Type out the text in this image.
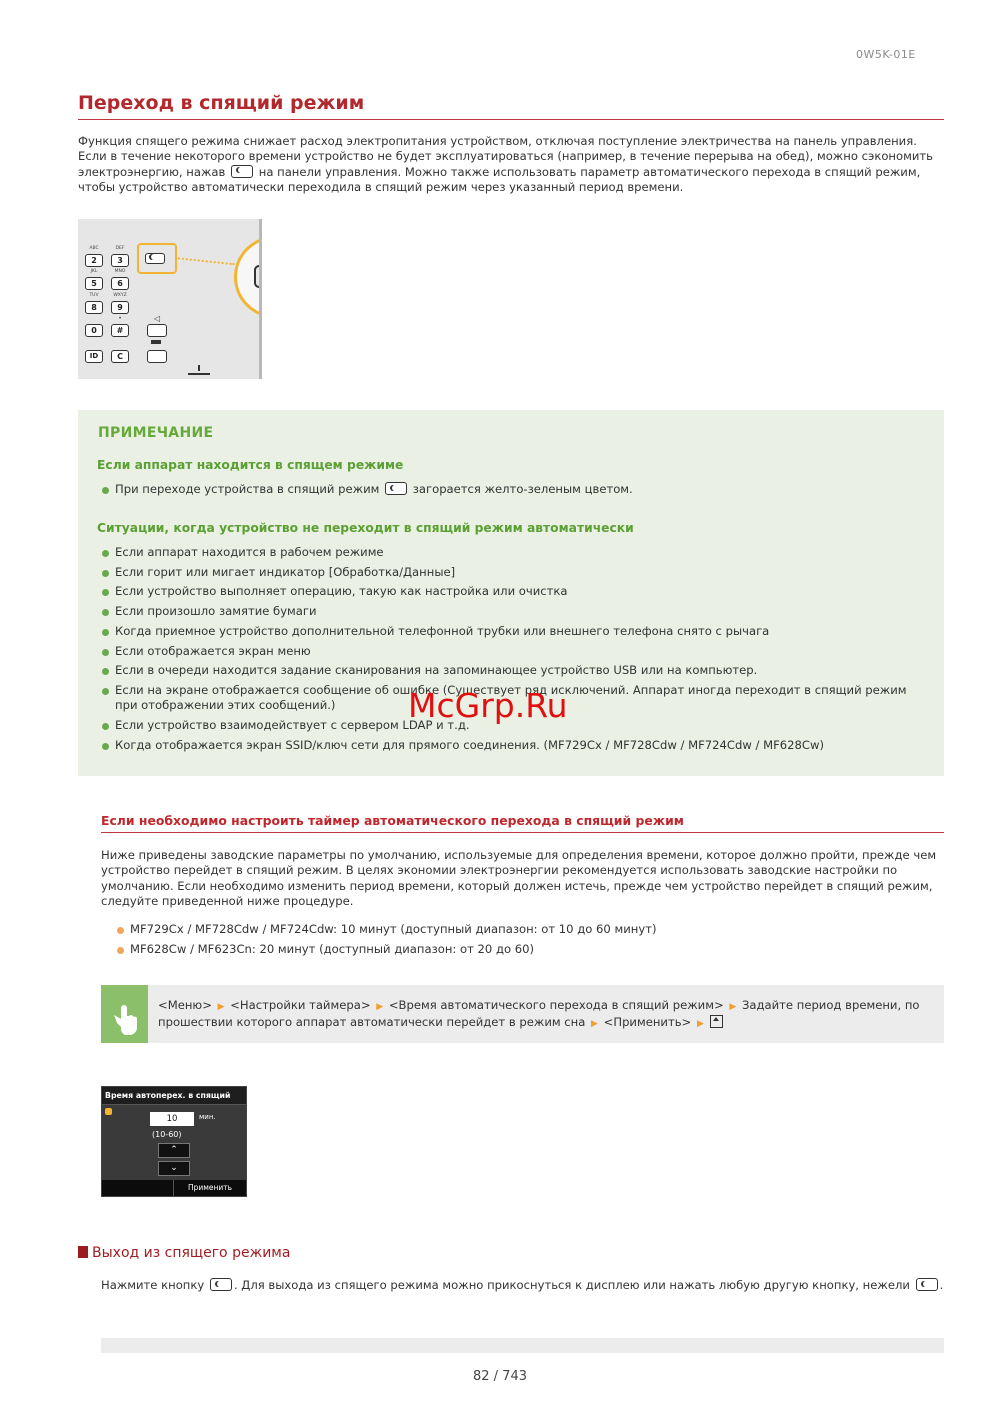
0W5K-01E
Переход в спящий режим

Функция спящего режима снижает расход электропитания устройством, отключая поступление электричества на панель управления. Если в течение некоторого времени устройство не будет эксплуатироваться (например, в течение перерыва на обед), можно сэкономить электроэнергию, нажав	на панели управления. Можно также использовать параметр автоматического перехода в спящий режим, чтобы устройство автоматически переходила в спящий режим через указанный период времени.

ABC
2
DEF
3
JKL
5
MNO
6
TUV
8
WXYZ
9
0
•
#
ID	C
◁
ПРИМЕЧАНИЕ
Если аппарат находится в спящем режиме
При переходе устройства в спящий режим	загорается желто-зеленым цветом.
Ситуации, когда устройство не переходит в спящий режим автоматически
Если аппарат находится в рабочем режиме
Если горит или мигает индикатор [Обработка/Данные]
Если устройство выполняет операцию, такую как настройка или очистка
Если произошло замятие бумаги
Когда приемное устройство дополнительной телефонной трубки или внешнего телефона снято с рычага
Если отображается экран меню
Если в очереди находится задание сканирования на запоминающее устройство USB или на компьютер.
Если на экране отображается сообщение об ошибке (Существует ряд исключений. Аппарат иногда переходит в спящий режим при отображении этих сообщений.)
Если устройство взаимодействует с сервером LDAP и т.д.
Когда отображается экран SSID/ключ сети для прямого соединения. (MF729Cx / MF728Cdw / MF724Cdw / MF628Cw)
Если необходимо настроить таймер автоматического перехода в спящий режим

Ниже приведены заводские параметры по умолчанию, используемые для определения времени, которое должно пройти, прежде чем устройство перейдет в спящий режим. В целях экономии электроэнергии рекомендуется использовать заводские настройки по умолчанию. Если необходимо изменить период времени, который должен истечь, прежде чем устройство перейдет в спящий режим, следуйте приведенной ниже процедуре.

MF729Cx / MF728Cdw / MF724Cdw: 10 минут (доступный диапазон: от 10 до 60 минут)
MF628Cw / MF623Cn: 20 минут (доступный диапазон: от 20 до 60)

<Меню> ▶ <Настройки таймера> ▶ <Время автоматического перехода в спящий режим> ▶ Задайте период времени, по прошествии которого аппарат автоматически перейдет в режим сна ▶ <Применить> ▶

Время автоперех. в спящий
10	мин.
(10-60)
⌃
⌄
Применить
Выход из спящего режима

Нажмите кнопку	. Для выхода из спящего режима можно прикоснуться к дисплею или нажать любую другую кнопку, нежели	.

82 / 743
McGrp.Ru
